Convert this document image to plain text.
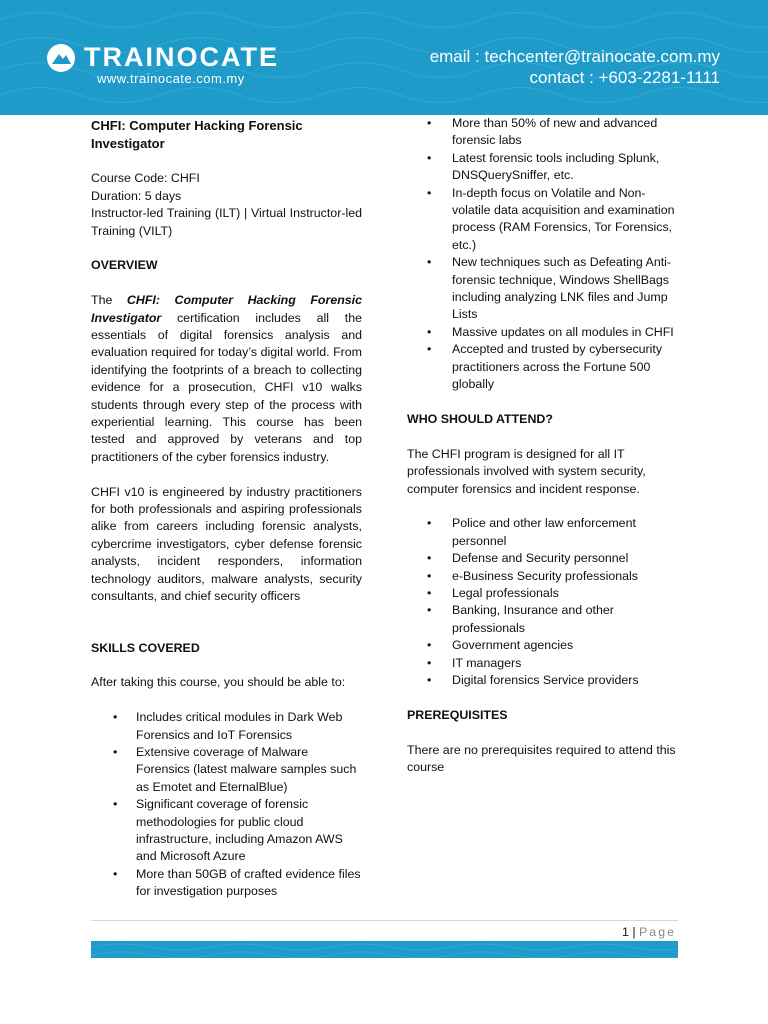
TRAINOCATE
www.trainocate.com.my
email : techcenter@trainocate.com.my
contact : +603-2281-1111

CHFI: Computer Hacking Forensic Investigator

Course Code: CHFI

Duration: 5 days

Instructor-led Training (ILT) | Virtual Instructor-led Training (VILT)

OVERVIEW

The CHFI: Computer Hacking Forensic Investigator certification includes all the essentials of digital forensics analysis and evaluation required for today’s digital world. From identifying the footprints of a breach to collecting evidence for a prosecution, CHFI v10 walks students through every step of the process with experiential learning. This course has been tested and approved by veterans and top practitioners of the cyber forensics industry.

CHFI v10 is engineered by industry practitioners for both professionals and aspiring professionals alike from careers including forensic analysts, cybercrime investigators, cyber defense forensic analysts, incident responders, information technology auditors, malware analysts, security consultants, and chief security officers

SKILLS COVERED

After taking this course, you should be able to:

• Includes critical modules in Dark Web Forensics and IoT Forensics
• Extensive coverage of Malware Forensics (latest malware samples such as Emotet and EternalBlue)
• Significant coverage of forensic methodologies for public cloud infrastructure, including Amazon AWS and Microsoft Azure
• More than 50GB of crafted evidence files for investigation purposes
• More than 50% of new and advanced forensic labs
• Latest forensic tools including Splunk, DNSQuerySniffer, etc.
• In-depth focus on Volatile and Non-volatile data acquisition and examination process (RAM Forensics, Tor Forensics, etc.)
• New techniques such as Defeating Anti-forensic technique, Windows ShellBags including analyzing LNK files and Jump Lists
• Massive updates on all modules in CHFI
• Accepted and trusted by cybersecurity practitioners across the Fortune 500 globally

WHO SHOULD ATTEND?

The CHFI program is designed for all IT professionals involved with system security, computer forensics and incident response.

• Police and other law enforcement personnel
• Defense and Security personnel
• e-Business Security professionals
• Legal professionals
• Banking, Insurance and other professionals
• Government agencies
• IT managers
• Digital forensics Service providers

PREREQUISITES

There are no prerequisites required to attend this course

1 | Page
